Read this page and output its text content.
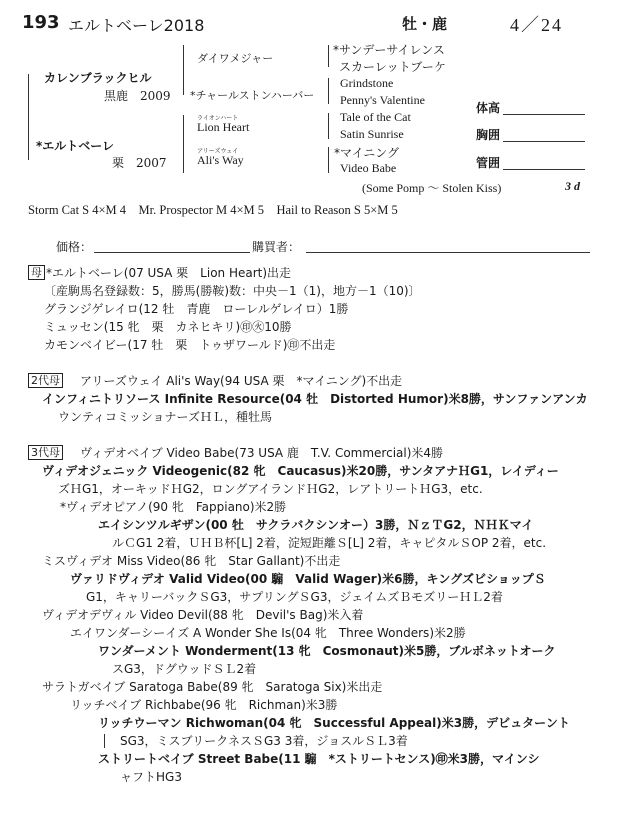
193 エルトベーレ2018	牡・鹿	4／24
カレンブラックヒル
黒鹿　2009
ダイワメジャー
*チャールストンハーバー
*サンデーサイレンス
スカーレットブーケ
Grindstone
Penny's Valentine
*エルトベーレ
栗　2007
ライオンハート
Lion Heart
アリーズウェイ
Ali's Way
Tale of the Cat
Satin Sunrise
*マイニング
Video Babe
(Some Pomp ～ Stolen Kiss)	3 d
体高
胸囲
管囲
Storm Cat S 4×M 4　Mr. Prospector M 4×M 5　Hail to Reason S 5×M 5
価格：	購買者：
母 *エルトベーレ(07 USA 栗　Lion Heart)出走
〔産駒馬名登録数：5，勝馬(勝鞍)数：中央－1（1)，地方－1（10)〕
グランジゲレイロ(12 牡　青鹿　ローレルゲレイロ）1勝
ミュッセン(15 牝　栗　カネヒキリ)㊞㊋10勝
カモンベイビー(17 牡　栗　トゥザワールド)㊞不出走
2代母 アリーズウェイ Ali's Way(94 USA 栗　*マイニング)不出走
インフィニトリソース Infinite Resource(04 牡　Distorted Humor)米8勝，サンファンアンカ
ウンティコミッショナーズＨＬ，種牡馬
3代母 ヴィデオベイブ Video Babe(73 USA 鹿　T.V. Commercial)米4勝
ヴィデオジェニック Videogenic(82 牝　Caucasus)米20勝，サンタアナＨG1，レイディー
ズＨG1，オーキッドＨG2，ロングアイランドＨG2，レアトリートＨG3，etc.
*ヴィデオピアノ(90 牝　Fappiano)米2勝
エイシンツルギザン(00 牡　サクラバクシンオー）3勝，ＮｚＴG2，ＮＨＫマイ
ルＣG1 2着，ＵＨＢ杯[L] 2着，淀短距離Ｓ[L] 2着，キャピタルＳOP 2着，etc.
ミスヴィデオ Miss Video(86 牝　Star Gallant)不出走
ヴァリドヴィデオ Valid Video(00 騸　Valid Wager)米6勝，キングズビショップＳ
G1，キャリーバックＳG3，サプリングＳG3，ジェイムズＢモズリーＨＬ2着
ヴィデオデヴィル Video Devil(88 牝　Devil's Bag)米入着
エイワンダーシーイズ A Wonder She Is(04 牝　Three Wonders)米2勝
ワンダーメント Wonderment(13 牝　Cosmonaut)米5勝，ブルボネットオーク
スG3，ドグウッドＳＬ2着
サラトガベイブ Saratoga Babe(89 牝　Saratoga Six)米出走
リッチベイブ Richbabe(96 牝　Richman)米3勝
リッチウーマン Richwoman(04 牝　Successful Appeal)米3勝，デビュターント
SG3，ミスブリークネスＳG3 3着，ジョスルＳＬ3着
ストリートベイブ Street Babe(11 騸　*ストリートセンス)㊞米3勝，マインシ
ャフトHG3
